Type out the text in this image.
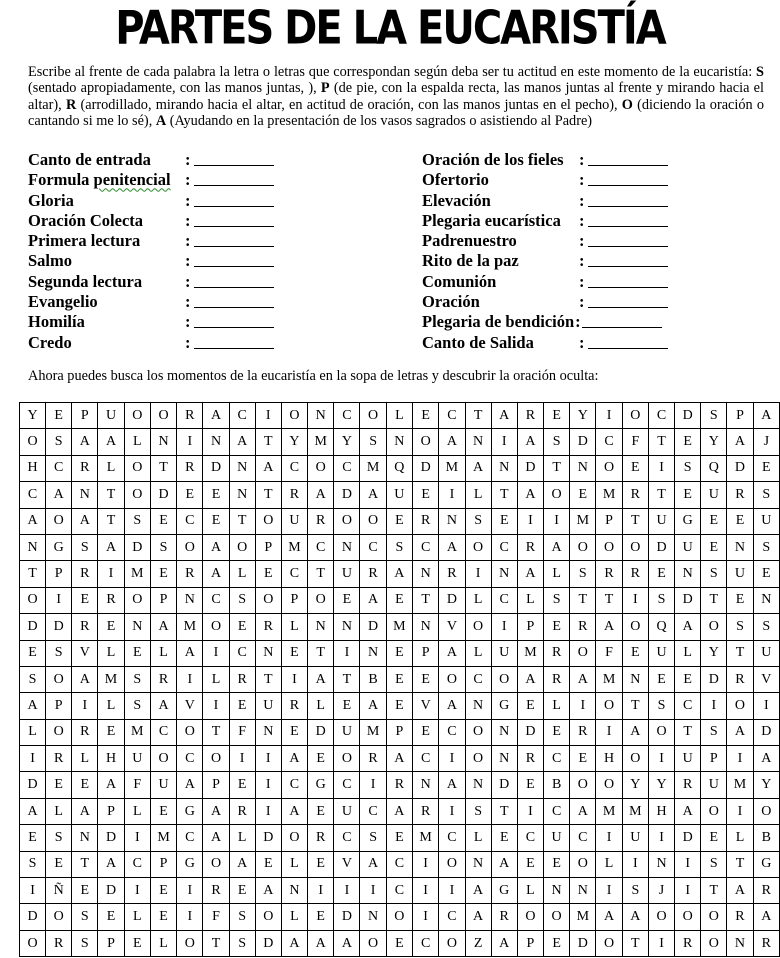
PARTES DE LA EUCARISTÍA
Escribe al frente de cada palabra la letra o letras que correspondan según deba ser tu actitud en este momento de la eucaristía: S (sentado apropiadamente, con las manos juntas, ), P (de pie, con la espalda recta, las manos juntas al frente y mirando hacia el altar), R (arrodillado, mirando hacia el altar, en actitud de oración, con las manos juntas en el pecho), O (diciendo la oración o cantando si me lo sé), A (Ayudando en la presentación de los vasos sagrados o asistiendo al Padre)
Canto de entrada :
Formula penitencial :
Gloria	:
Oración Colecta	:
Primera lectura	:
Salmo	:
Segunda lectura	:
Evangelio	:
Homilía	:
Credo	:
Oración de los fieles :
Ofertorio	:
Elevación	:
Plegaria eucarística :
Padrenuestro	:
Rito de la paz	:
Comunión	:
Oración	:
Plegaria de bendición :
Canto de Salida	:
Ahora puedes busca los momentos de la eucaristía en la sopa de letras y descubrir la oración oculta:
Y	E	P	U	O	O	R	A	C	I	O	N	C	O	L	E	C	T	A	R	E	Y	I	O	C	D	S	P	A
O	S	A	A	L	N	I	N	A	T	Y	M	Y	S	N	O	A	N	I	A	S	D	C	F	T	E	Y	A	J
H	C	R	L	O	T	R	D	N	A	C	O	C	M	Q	D	M	A	N	D	T	N	O	E	I	S	Q	D	E
C	A	N	T	O	D	E	E	N	T	R	A	D	A	U	E	I	L	T	A	O	E	M	R	T	E	U	R	S
A	O	A	T	S	E	C	E	T	O	U	R	O	O	E	R	N	S	E	I	I	M	P	T	U	G	E	E	U
N	G	S	A	D	S	O	A	O	P	M	C	N	C	S	C	A	O	C	R	A	O	O	O	D	U	E	N	S
T	P	R	I	M	E	R	A	L	E	C	T	U	R	A	N	R	I	N	A	L	S	R	R	E	N	S	U	E
O	I	E	R	O	P	N	C	S	O	P	O	E	A	E	T	D	L	C	L	S	T	T	I	S	D	T	E	N
D	D	R	E	N	A	M	O	E	R	L	N	N	D	M	N	V	O	I	P	E	R	A	O	Q	A	O	S	S
E	S	V	L	E	L	A	I	C	N	E	T	I	N	E	P	A	L	U	M	R	O	F	E	U	L	Y	T	U
S	O	A	M	S	R	I	L	R	T	I	A	T	B	E	E	O	C	O	A	R	A	M	N	E	E	D	R	V
A	P	I	L	S	A	V	I	E	U	R	L	E	A	E	V	A	N	G	E	L	I	O	T	S	C	I	O	I
L	O	R	E	M	C	O	T	F	N	E	D	U	M	P	E	C	O	N	D	E	R	I	A	O	T	S	A	D
I	R	L	H	U	O	C	O	I	I	A	E	O	R	A	C	I	O	N	R	C	E	H	O	I	U	P	I	A
D	E	E	A	F	U	A	P	E	I	C	G	C	I	R	N	A	N	D	E	B	O	O	Y	Y	R	U	M	Y
A	L	A	P	L	E	G	A	R	I	A	E	U	C	A	R	I	S	T	I	C	A	M	M	H	A	O	I	O
E	S	N	D	I	M	C	A	L	D	O	R	C	S	E	M	C	L	E	C	U	C	I	U	I	D	E	L	B
S	E	T	A	C	P	G	O	A	E	L	E	V	A	C	I	O	N	A	E	E	O	L	I	N	I	S	T	G
I	Ñ	E	D	I	E	I	R	E	A	N	I	I	I	C	I	I	A	G	L	N	N	I	S	J	I	T	A	R
D	O	S	E	L	E	I	F	S	O	L	E	D	N	O	I	C	A	R	O	O	M	A	A	O	O	O	R	A
O	R	S	P	E	L	O	T	S	D	A	A	A	O	E	C	O	Z	A	P	E	D	O	T	I	R	O	N	R
